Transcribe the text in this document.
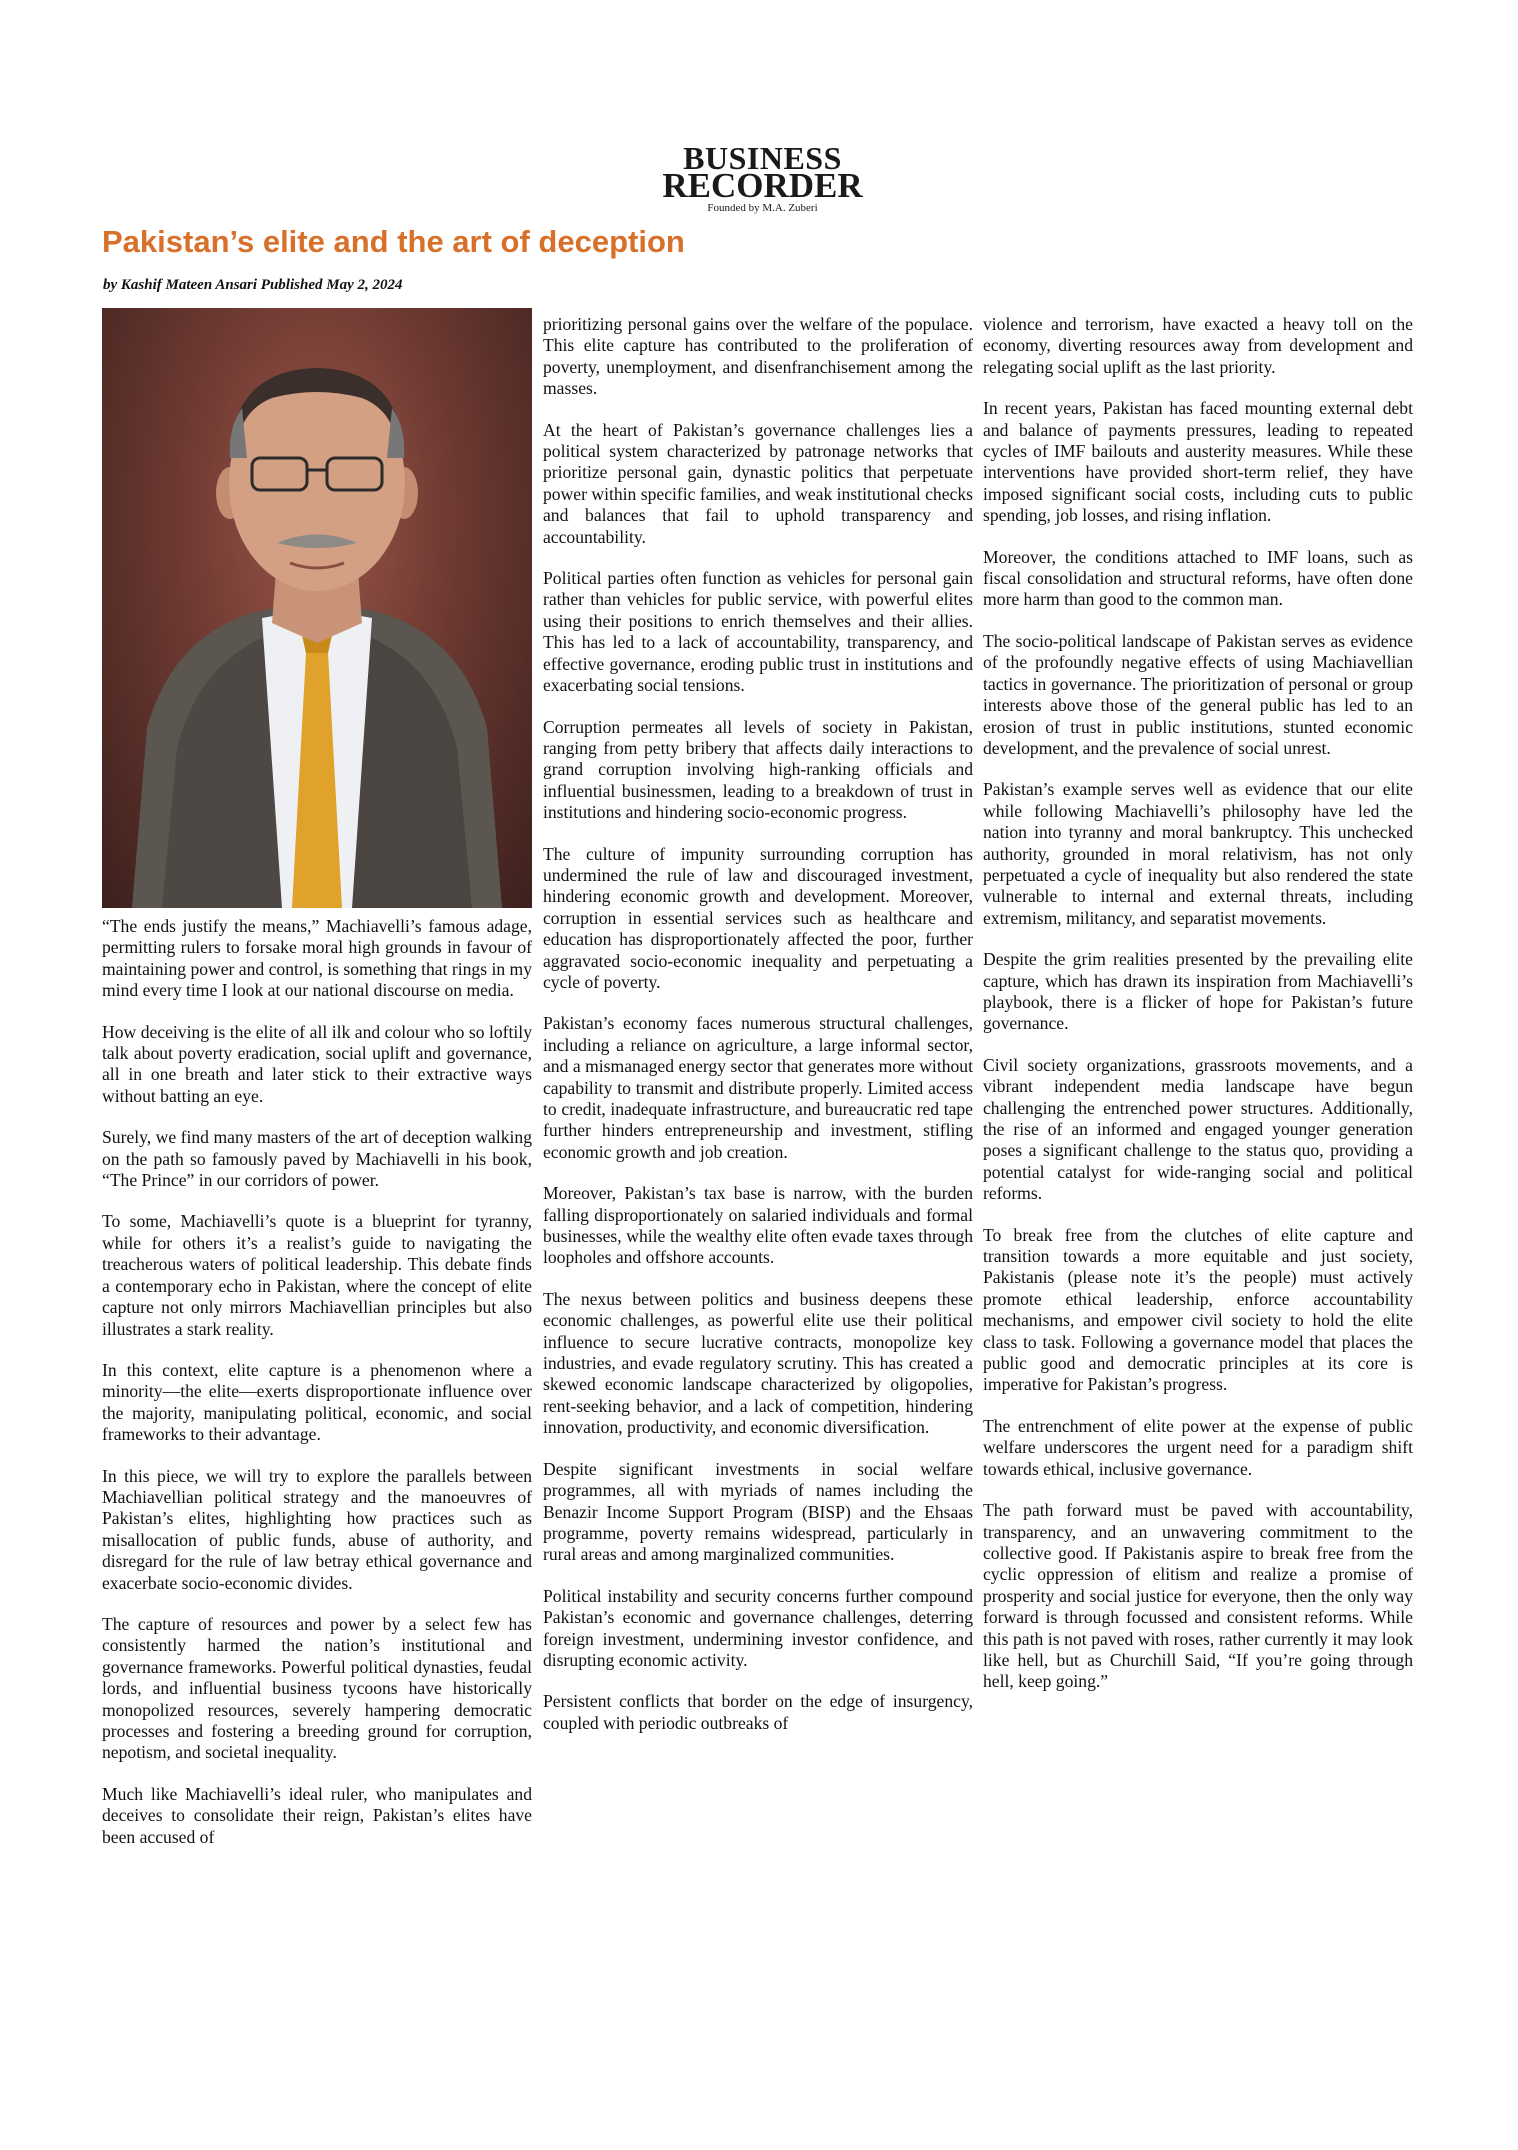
BUSINESS
RECORDER
Founded by M.A. Zuberi
Pakistan’s elite and the art of deception
by Kashif Mateen Ansari Published May 2, 2024

“The ends justify the means,” Machiavelli’s famous adage, permitting rulers to forsake moral high grounds in favour of maintaining power and control, is something that rings in my mind every time I look at our national discourse on media.

How deceiving is the elite of all ilk and colour who so loftily talk about poverty eradication, social uplift and governance, all in one breath and later stick to their extractive ways without batting an eye.

Surely, we find many masters of the art of deception walking on the path so famously paved by Machiavelli in his book, “The Prince” in our corridors of power.

To some, Machiavelli’s quote is a blueprint for tyranny, while for others it’s a realist’s guide to navigating the treacherous waters of political leadership. This debate finds a contemporary echo in Pakistan, where the concept of elite capture not only mirrors Machiavellian principles but also illustrates a stark reality.

In this context, elite capture is a phenomenon where a minority—the elite—exerts disproportionate influence over the majority, manipulating political, economic, and social frameworks to their advantage.

In this piece, we will try to explore the parallels between Machiavellian political strategy and the manoeuvres of Pakistan’s elites, highlighting how practices such as misallocation of public funds, abuse of authority, and disregard for the rule of law betray ethical governance and exacerbate socio-economic divides.

The capture of resources and power by a select few has consistently harmed the nation’s institutional and governance frameworks. Powerful political dynasties, feudal lords, and influential business tycoons have historically monopolized resources, severely hampering democratic processes and fostering a breeding ground for corruption, nepotism, and societal inequality.

Much like Machiavelli’s ideal ruler, who manipulates and deceives to consolidate their reign, Pakistan’s elites have been accused of

prioritizing personal gains over the welfare of the populace. This elite capture has contributed to the proliferation of poverty, unemployment, and disenfranchisement among the masses.

At the heart of Pakistan’s governance challenges lies a political system characterized by patronage networks that prioritize personal gain, dynastic politics that perpetuate power within specific families, and weak institutional checks and balances that fail to uphold transparency and accountability.

Political parties often function as vehicles for personal gain rather than vehicles for public service, with powerful elites using their positions to enrich themselves and their allies. This has led to a lack of accountability, transparency, and effective governance, eroding public trust in institutions and exacerbating social tensions.

Corruption permeates all levels of society in Pakistan, ranging from petty bribery that affects daily interactions to grand corruption involving high-ranking officials and influential businessmen, leading to a breakdown of trust in institutions and hindering socio-economic progress.

The culture of impunity surrounding corruption has undermined the rule of law and discouraged investment, hindering economic growth and development. Moreover, corruption in essential services such as healthcare and education has disproportionately affected the poor, further aggravated socio-economic inequality and perpetuating a cycle of poverty.

Pakistan’s economy faces numerous structural challenges, including a reliance on agriculture, a large informal sector, and a mismanaged energy sector that generates more without capability to transmit and distribute properly. Limited access to credit, inadequate infrastructure, and bureaucratic red tape further hinders entrepreneurship and investment, stifling economic growth and job creation.

Moreover, Pakistan’s tax base is narrow, with the burden falling disproportionately on salaried individuals and formal businesses, while the wealthy elite often evade taxes through loopholes and offshore accounts.

The nexus between politics and business deepens these economic challenges, as powerful elite use their political influence to secure lucrative contracts, monopolize key industries, and evade regulatory scrutiny. This has created a skewed economic landscape characterized by oligopolies, rent-seeking behavior, and a lack of competition, hindering innovation, productivity, and economic diversification.

Despite significant investments in social welfare programmes, all with myriads of names including the Benazir Income Support Program (BISP) and the Ehsaas programme, poverty remains widespread, particularly in rural areas and among marginalized communities.

Political instability and security concerns further compound Pakistan’s economic and governance challenges, deterring foreign investment, undermining investor confidence, and disrupting economic activity.

Persistent conflicts that border on the edge of insurgency, coupled with periodic outbreaks of

violence and terrorism, have exacted a heavy toll on the economy, diverting resources away from development and relegating social uplift as the last priority.

In recent years, Pakistan has faced mounting external debt and balance of payments pressures, leading to repeated cycles of IMF bailouts and austerity measures. While these interventions have provided short-term relief, they have imposed significant social costs, including cuts to public spending, job losses, and rising inflation.

Moreover, the conditions attached to IMF loans, such as fiscal consolidation and structural reforms, have often done more harm than good to the common man.

The socio-political landscape of Pakistan serves as evidence of the profoundly negative effects of using Machiavellian tactics in governance. The prioritization of personal or group interests above those of the general public has led to an erosion of trust in public institutions, stunted economic development, and the prevalence of social unrest.

Pakistan’s example serves well as evidence that our elite while following Machiavelli’s philosophy have led the nation into tyranny and moral bankruptcy. This unchecked authority, grounded in moral relativism, has not only perpetuated a cycle of inequality but also rendered the state vulnerable to internal and external threats, including extremism, militancy, and separatist movements.

Despite the grim realities presented by the prevailing elite capture, which has drawn its inspiration from Machiavelli’s playbook, there is a flicker of hope for Pakistan’s future governance.

Civil society organizations, grassroots movements, and a vibrant independent media landscape have begun challenging the entrenched power structures. Additionally, the rise of an informed and engaged younger generation poses a significant challenge to the status quo, providing a potential catalyst for wide-ranging social and political reforms.

To break free from the clutches of elite capture and transition towards a more equitable and just society, Pakistanis (please note it’s the people) must actively promote ethical leadership, enforce accountability mechanisms, and empower civil society to hold the elite class to task. Following a governance model that places the public good and democratic principles at its core is imperative for Pakistan’s progress.

The entrenchment of elite power at the expense of public welfare underscores the urgent need for a paradigm shift towards ethical, inclusive governance.

The path forward must be paved with accountability, transparency, and an unwavering commitment to the collective good. If Pakistanis aspire to break free from the cyclic oppression of elitism and realize a promise of prosperity and social justice for everyone, then the only way forward is through focussed and consistent reforms. While this path is not paved with roses, rather currently it may look like hell, but as Churchill Said, “If you’re going through hell, keep going.”
